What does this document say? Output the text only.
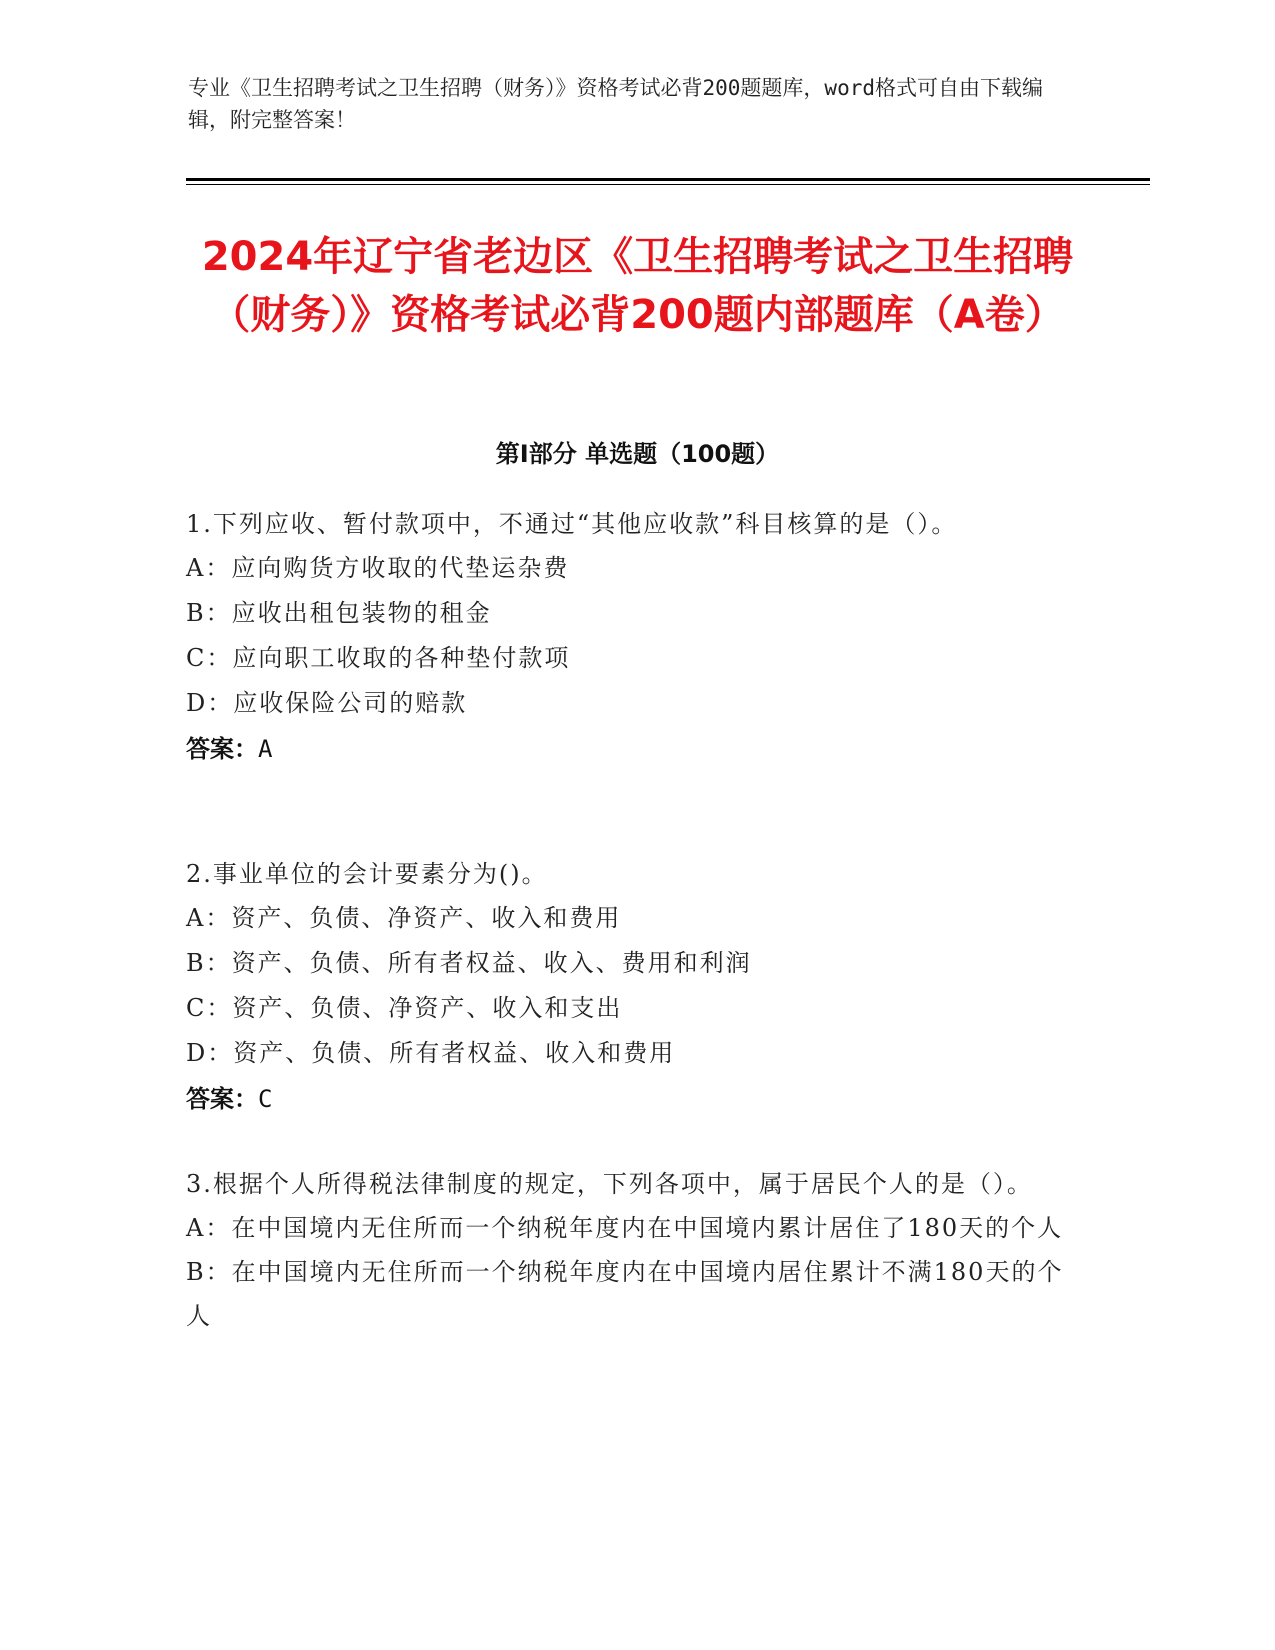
专业《卫生招聘考试之卫生招聘（财务）》资格考试必背200题题库，word格式可自由下载编辑，附完整答案！
2024年辽宁省老边区《卫生招聘考试之卫生招聘（财务）》资格考试必背200题内部题库（A卷）
第Ⅰ部分 单选题（100题）
1.下列应收、暂付款项中，不通过“其他应收款”科目核算的是（）。
A：应向购货方收取的代垫运杂费
B：应收出租包装物的租金
C：应向职工收取的各种垫付款项
D：应收保险公司的赔款
答案：A
2.事业单位的会计要素分为()。
A：资产、负债、净资产、收入和费用
B：资产、负债、所有者权益、收入、费用和利润
C：资产、负债、净资产、收入和支出
D：资产、负债、所有者权益、收入和费用
答案：C
3.根据个人所得税法律制度的规定，下列各项中，属于居民个人的是（）。
A：在中国境内无住所而一个纳税年度内在中国境内累计居住了180天的个人
B：在中国境内无住所而一个纳税年度内在中国境内居住累计不满180天的个人
